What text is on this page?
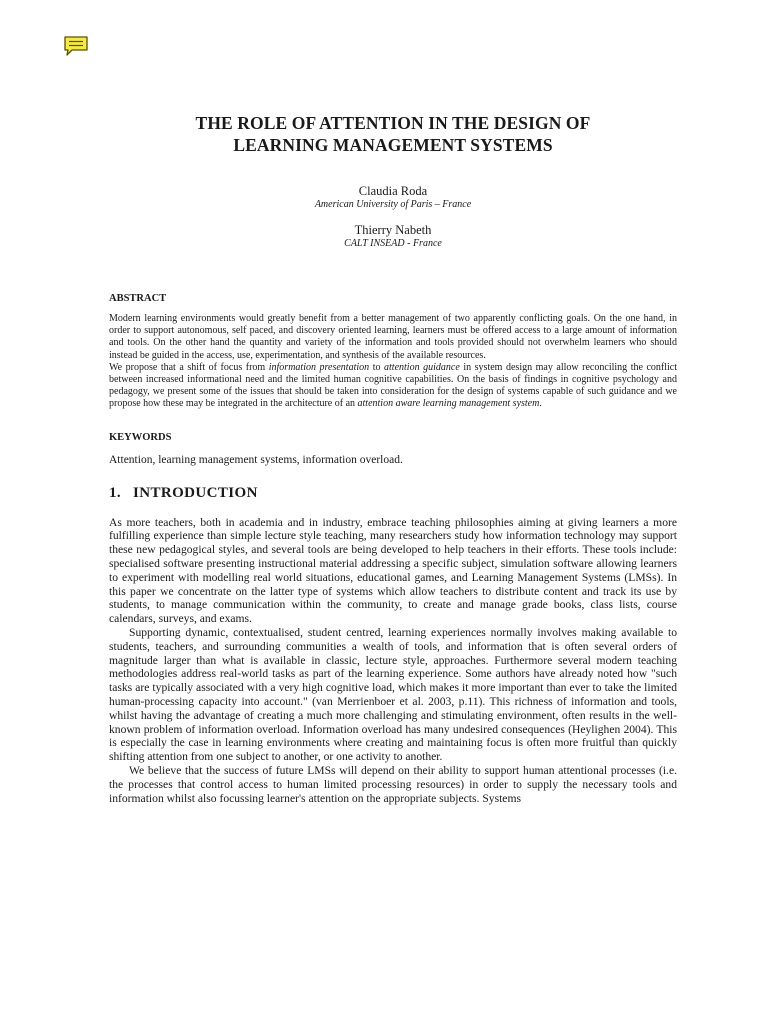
THE ROLE OF ATTENTION IN THE DESIGN OF
LEARNING MANAGEMENT SYSTEMS

Claudia Roda

American University of Paris – France

Thierry Nabeth

CALT INSEAD - France

ABSTRACT

Modern learning environments would greatly benefit from a better management of two apparently conflicting goals. On the one hand, in order to support autonomous, self paced, and discovery oriented learning, learners must be offered access to a large amount of information and tools. On the other hand the quantity and variety of the information and tools provided should not overwhelm learners who should instead be guided in the access, use, experimentation, and synthesis of the available resources.

We propose that a shift of focus from information presentation to attention guidance in system design may allow reconciling the conflict between increased informational need and the limited human cognitive capabilities. On the basis of findings in cognitive psychology and pedagogy, we present some of the issues that should be taken into consideration for the design of systems capable of such guidance and we propose how these may be integrated in the architecture of an attention aware learning management system.

KEYWORDS

Attention, learning management systems, information overload.

1. INTRODUCTION

As more teachers, both in academia and in industry, embrace teaching philosophies aiming at giving learners a more fulfilling experience than simple lecture style teaching, many researchers study how information technology may support these new pedagogical styles, and several tools are being developed to help teachers in their efforts. These tools include: specialised software presenting instructional material addressing a specific subject, simulation software allowing learners to experiment with modelling real world situations, educational games, and Learning Management Systems (LMSs). In this paper we concentrate on the latter type of systems which allow teachers to distribute content and track its use by students, to manage communication within the community, to create and manage grade books, class lists, course calendars, surveys, and exams.

Supporting dynamic, contextualised, student centred, learning experiences normally involves making available to students, teachers, and surrounding communities a wealth of tools, and information that is often several orders of magnitude larger than what is available in classic, lecture style, approaches. Furthermore several modern teaching methodologies address real-world tasks as part of the learning experience. Some authors have already noted how "such tasks are typically associated with a very high cognitive load, which makes it more important than ever to take the limited human-processing capacity into account." (van Merrienboer et al. 2003, p.11). This richness of information and tools, whilst having the advantage of creating a much more challenging and stimulating environment, often results in the well-known problem of information overload. Information overload has many undesired consequences (Heylighen 2004). This is especially the case in learning environments where creating and maintaining focus is often more fruitful than quickly shifting attention from one subject to another, or one activity to another.

We believe that the success of future LMSs will depend on their ability to support human attentional processes (i.e. the processes that control access to human limited processing resources) in order to supply the necessary tools and information whilst also focussing learner's attention on the appropriate subjects. Systems
